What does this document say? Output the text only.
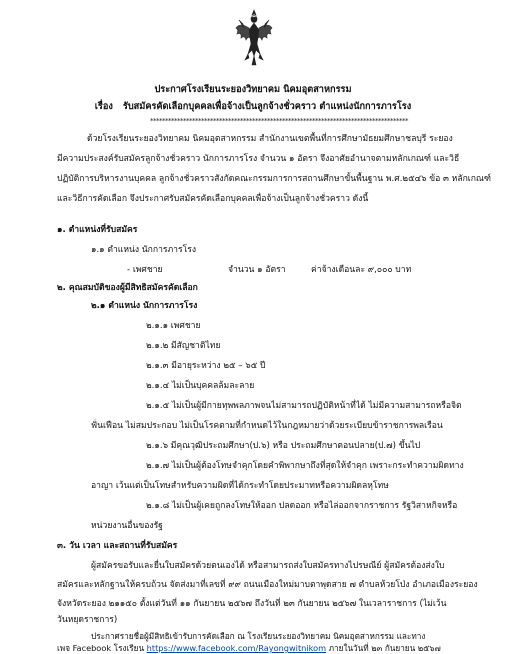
ประกาศโรงเรียนระยองวิทยาคม นิคมอุตสาหกรรม
เรื่อง รับสมัครคัดเลือกบุคคลเพื่อจ้างเป็นลูกจ้างชั่วคราว ตำแหน่งนักการภารโรง
**************************************************************************************

ด้วยโรงเรียนระยองวิทยาคม นิคมอุตสาหกรรม สำนักงานเขตพื้นที่การศึกษามัธยมศึกษาชลบุรี ระยอง

มีความประสงค์รับสมัครลูกจ้างชั่วคราว นักการภารโรง จำนวน ๑ อัตรา จึงอาศัยอำนาจตามหลักเกณฑ์ และวิธี

ปฏิบัติการบริหารงานบุคคล ลูกจ้างชั่วคราวสังกัดคณะกรรมการการสถานศึกษาขั้นพื้นฐาน พ.ศ.๒๕๔๖ ข้อ ๓ หลักเกณฑ์

และวิธีการคัดเลือก จึงประกาศรับสมัครคัดเลือกบุคคลเพื่อจ้างเป็นลูกจ้างชั่วคราว ดังนี้

๑. ตำแหน่งที่รับสมัคร
๑.๑ ตำแหน่ง นักการภารโรง
- เพศชาย	จำนวน ๑ อัตรา	ค่าจ้างเดือนละ ๙,๐๐๐ บาท
๒. คุณสมบัติของผู้มีสิทธิสมัครคัดเลือก
๒.๑ ตำแหน่ง นักการภารโรง
๒.๑.๑ เพศชาย
๒.๑.๒ มีสัญชาติไทย
๒.๑.๓ มีอายุระหว่าง ๒๕ – ๖๕ ปี
๒.๑.๔ ไม่เป็นบุคคลล้มละลาย
๒.๑.๕ ไม่เป็นผู้มีกายทุพพลภาพจนไม่สามารถปฏิบัติหน้าที่ได้ ไม่มีความสามารถหรือจิต
ฟั่นเฟือน ไม่สมประกอบ ไม่เป็นโรคตามที่กำหนดไว้ในกฎหมายว่าด้วยระเบียบข้าราชการพลเรือน
๒.๑.๖ มีคุณวุฒิประถมศึกษา(ป.๖) หรือ ประถมศึกษาตอนปลาย(ป.๗) ขึ้นไป
๒.๑.๗ ไม่เป็นผู้ต้องโทษจำคุกโดยคำพิพากษาถึงที่สุดให้จำคุก เพราะกระทำความผิดทาง
อาญา เว้นแต่เป็นโทษสำหรับความผิดที่ได้กระทำโดยประมาทหรือความผิดลหุโทษ
๒.๑.๘ ไม่เป็นผู้เคยถูกลงโทษให้ออก ปลดออก หรือไล่ออกจากราชการ รัฐวิสาหกิจหรือ
หน่วยงานอื่นของรัฐ
๓. วัน เวลา และสถานที่รับสมัคร
ผู้สมัครขอรับและยื่นใบสมัครด้วยตนเองได้ หรือสามารถส่งใบสมัครทางไปรษณีย์ ผู้สมัครต้องส่งใบ
สมัครและหลักฐานให้ครบถ้วน จัดส่งมาที่เลขที่ ๙๙ ถนนเมืองใหม่มาบตาพุดสาย ๗ ตำบลห้วยโป่ง อำเภอเมืองระยอง
จังหวัดระยอง ๒๑๑๕๐ ตั้งแต่วันที่ ๑๑ กันยายน ๒๕๖๗ ถึงวันที่ ๒๓ กันยายน ๒๕๖๗ ในเวลาราชการ (ไม่เว้น
วันหยุดราชการ)
ประกาศรายชื่อผู้มีสิทธิเข้ารับการคัดเลือก ณ โรงเรียนระยองวิทยาคม นิคมอุตสาหกรรม และทาง
เพจ Facebook โรงเรียน https://www.facebook.com/Rayongwitnikom ภายในวันที่ ๒๓ กันยายน ๒๕๖๗
